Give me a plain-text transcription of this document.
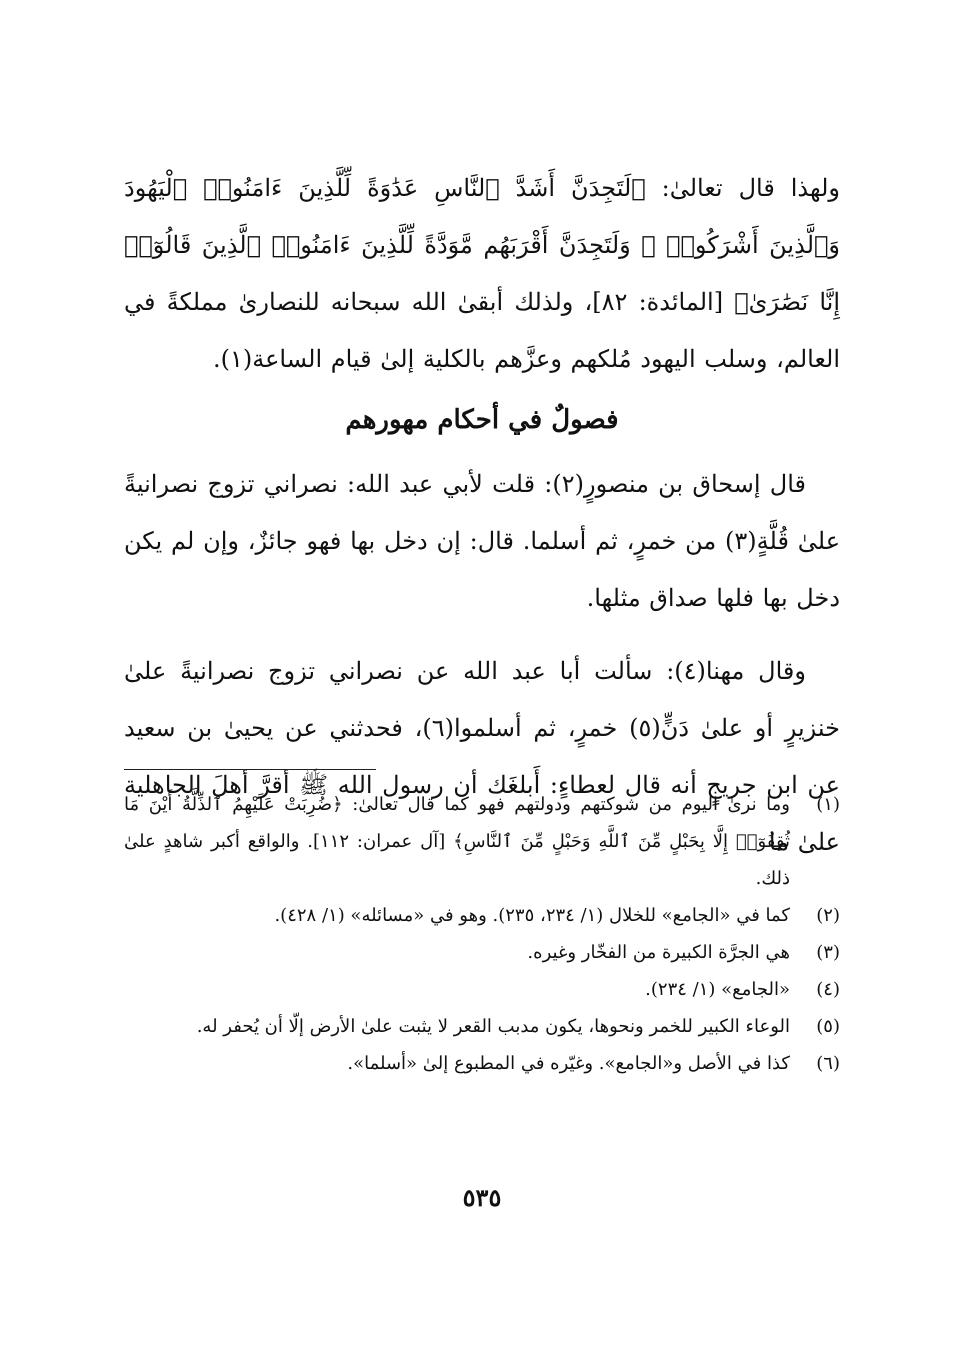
ولهذا قال تعالىٰ: ﴿لَتَجِدَنَّ أَشَدَّ ٱلنَّاسِ عَدَٰوَةً لِّلَّذِينَ ءَامَنُوا۟ ٱلْيَهُودَ وَٱلَّذِينَ أَشْرَكُوا۟ ۖ وَلَتَجِدَنَّ أَقْرَبَهُم مَّوَدَّةً لِّلَّذِينَ ءَامَنُوا۟ ٱلَّذِينَ قَالُوٓا۟ إِنَّا نَصَٰرَىٰ﴾ [المائدة: ٨٢]، ولذلك أبقىٰ الله سبحانه للنصارىٰ مملكةً في العالم، وسلب اليهود مُلكهم وعزَّهم بالكلية إلىٰ قيام الساعة(١).

فصولٌ في أحكام مهورهم

قال إسحاق بن منصورٍ(٢): قلت لأبي عبد الله: نصراني تزوج نصرانيةً علىٰ قُلَّةٍ(٣) من خمرٍ، ثم أسلما. قال: إن دخل بها فهو جائزٌ، وإن لم يكن دخل بها فلها صداق مثلها.

وقال مهنا(٤): سألت أبا عبد الله عن نصراني تزوج نصرانيةً علىٰ خنزيرٍ أو علىٰ دَنٍّ(٥) خمرٍ، ثم أسلموا(٦)، فحدثني عن يحيىٰ بن سعيد عن ابن جريجٍ أنه قال لعطاءٍ: أَبلغَك أن رسول الله ﷺ أقرَّ أهلَ الجاهلية علىٰ ما

(١)
وما نرىٰ اليوم من شوكتهم ودولتهم فهو كما قال تعالىٰ: ﴿ضُرِبَتْ عَلَيْهِمُ ٱلذِّلَّةُ أَيْنَ مَا ثُقِفُوٓا۟ إِلَّا بِحَبْلٍ مِّنَ ٱللَّهِ وَحَبْلٍ مِّنَ ٱلنَّاسِ﴾ [آل عمران: ١١٢]. والواقع أكبر شاهدٍ علىٰ ذلك.
(٢)
كما في «الجامع» للخلال (١/ ٢٣٤، ٢٣٥). وهو في «مسائله» (١/ ٤٢٨).
(٣)
هي الجرَّة الكبيرة من الفخّار وغيره.
(٤)
«الجامع» (١/ ٢٣٤).
(٥)
الوعاء الكبير للخمر ونحوها، يكون مدبب القعر لا يثبت علىٰ الأرض إلّا أن يُحفر له.
(٦)
كذا في الأصل و«الجامع». وغيّره في المطبوع إلىٰ «أسلما».
٥٣٥
